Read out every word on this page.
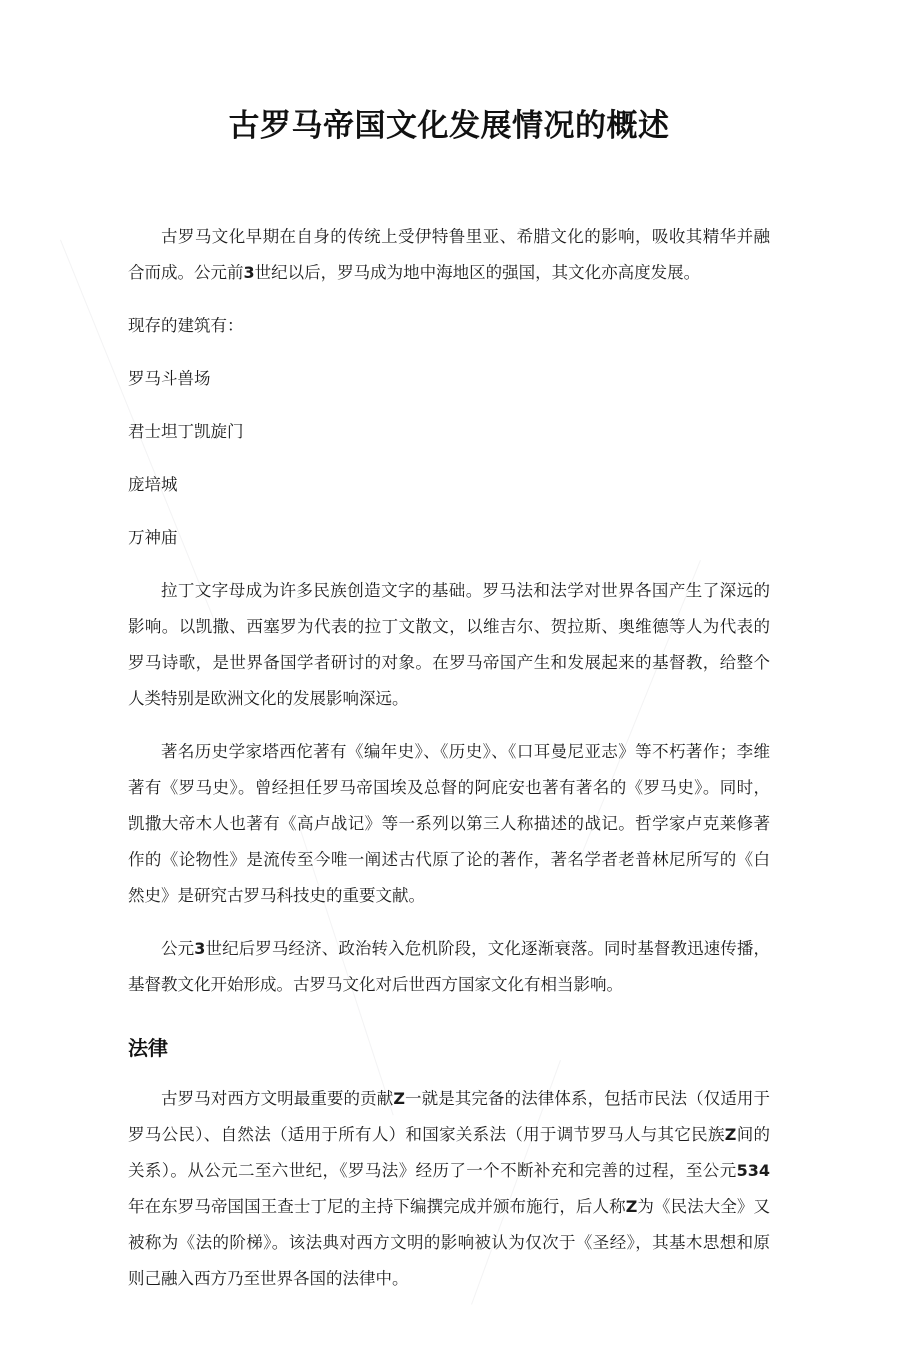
古罗马帝国文化发展情况的概述

古罗马文化早期在自身的传统上受伊特鲁里亚、希腊文化的影响，吸收其精华并融合而成。公元前3世纪以后，罗马成为地中海地区的强国，其文化亦高度发展。

现存的建筑有：

罗马斗兽场

君士坦丁凯旋门

庞培城

万神庙

拉丁文字母成为许多民族创造文字的基础。罗马法和法学对世界各国产生了深远的影响。以凯撒、西塞罗为代表的拉丁文散文，以维吉尔、贺拉斯、奥维德等人为代表的罗马诗歌，是世界备国学者研讨的对象。在罗马帝国产生和发展起来的基督教，给整个人类特别是欧洲文化的发展影响深远。

著名历史学家塔西佗著有《编年史》、《历史》、《口耳曼尼亚志》等不朽著作；李维著有《罗马史》。曾经担任罗马帝国埃及总督的阿庇安也著有著名的《罗马史》。同时，凯撒大帝木人也著有《高卢战记》等一系列以第三人称描述的战记。哲学家卢克莱修著作的《论物性》是流传至今唯一阐述古代原了论的著作，著名学者老普林尼所写的《白然史》是研究古罗马科技史的重要文献。

公元3世纪后罗马经济、政治转入危机阶段，文化逐渐衰落。同时基督教迅速传播，基督教文化开始形成。古罗马文化对后世西方国家文化有相当影响。

法律

古罗马对西方文明最重要的贡献Z一就是其完备的法律体系，包括市民法（仅适用于罗马公民）、自然法（适用于所有人）和国家关系法（用于调节罗马人与其它民族Z间的关系）。从公元二至六世纪，《罗马法》经历了一个不断补充和完善的过程，至公元534年在东罗马帝国国王查士丁尼的主持下编撰完成并颁布施行，后人称Z为《民法大全》又被称为《法的阶梯》。该法典对西方文明的影响被认为仅次于《圣经》，其基木思想和原则己融入西方乃至世界各国的法律中。
